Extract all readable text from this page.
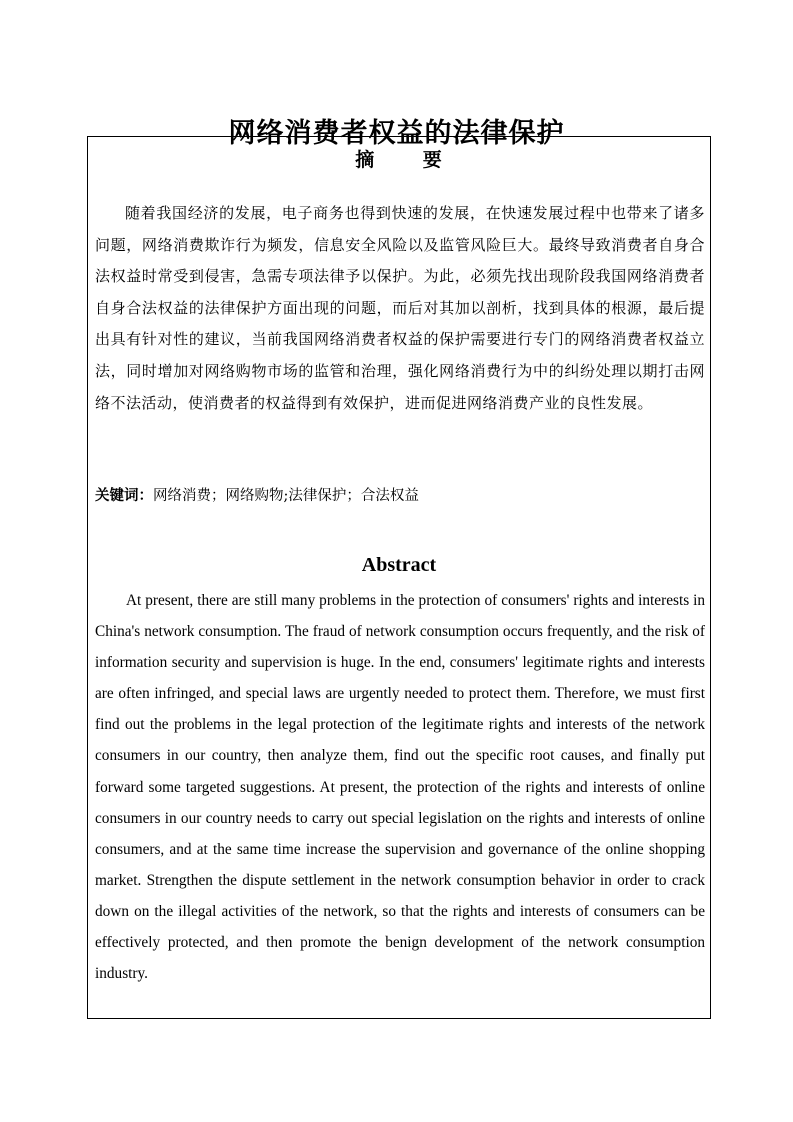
网络消费者权益的法律保护
摘 要

随着我国经济的发展，电子商务也得到快速的发展，在快速发展过程中也带来了诸多问题，网络消费欺诈行为频发，信息安全风险以及监管风险巨大。最终导致消费者自身合法权益时常受到侵害，急需专项法律予以保护。为此，必须先找出现阶段我国网络消费者自身合法权益的法律保护方面出现的问题，而后对其加以剖析，找到具体的根源，最后提出具有针对性的建议，当前我国网络消费者权益的保护需要进行专门的网络消费者权益立法，同时增加对网络购物市场的监管和治理，强化网络消费行为中的纠纷处理以期打击网络不法活动，使消费者的权益得到有效保护，进而促进网络消费产业的良性发展。

关键词：网络消费；网络购物;法律保护；合法权益

Abstract

At present, there are still many problems in the protection of consumers' rights and interests in China's network consumption. The fraud of network consumption occurs frequently, and the risk of information security and supervision is huge. In the end, consumers' legitimate rights and interests are often infringed, and special laws are urgently needed to protect them. Therefore, we must first find out the problems in the legal protection of the legitimate rights and interests of the network consumers in our country, then analyze them, find out the specific root causes, and finally put forward some targeted suggestions. At present, the protection of the rights and interests of online consumers in our country needs to carry out special legislation on the rights and interests of online consumers, and at the same time increase the supervision and governance of the online shopping market. Strengthen the dispute settlement in the network consumption behavior in order to crack down on the illegal activities of the network, so that the rights and interests of consumers can be effectively protected, and then promote the benign development of the network consumption industry.
